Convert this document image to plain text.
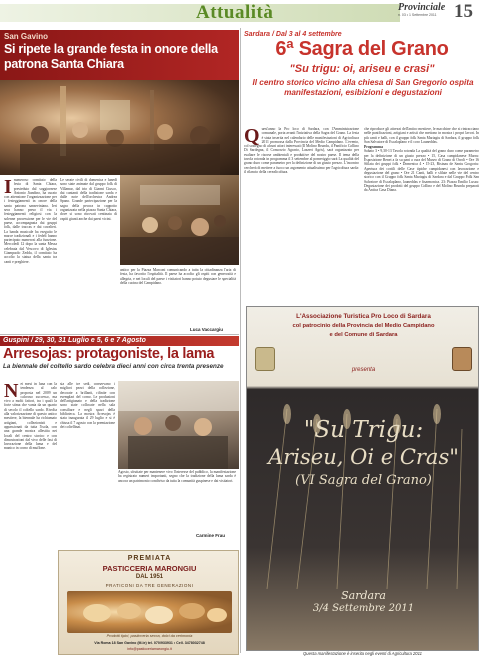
Attualità	Provinciale
n. 03 • 1 Settembre 2011 15
San Gavino
Si ripete la grande festa in onore della patrona Santa Chiara
Inumeroso comitato della festa di Santa Chiara, presieduto dal soggiornese Antonio Jiandino, ha curato con attenzione l'organizzazione per i festeggiamenti in onore della santa patrona sanseviniana. Ieri sera hanno preso il via i festeggiamenti religiosi con la solenne processione per le vie del paese, accompagnata dai gruppi folk, dalle traccas e dai cavalieri. La banda musicale ha eseguito le marce tradizionali e i fedeli hanno partecipato numerosi alla funzione. Mercoledì 12 dopo la santa Messa celebrata dal Vescovo di Iglesias Giampaolo Zedda, il comitato ha accolto la statua della santa tra canti e preghiere.
Le serate civili di domenica e lunedì sono state animate dal gruppo folk di Villamar, dal trio di Gianni Ciusco, dai cantanti della tradizione sarda e dalle note dell'orchestra Andrea Spano. Grande partecipazione per la sagra della pecora in cappotto organizzata nella piazza Santa Chiara, dove si sono ritrovati centinaia di ospiti giunti anche dai paesi vicini.
antico per la Piazza Marconi comunicando a tutta la cittadinanza l'aria di festa, ha favorito l'ospitalità. Il paese ha accolto gli ospiti con generosità e allegria, e nei locali del paese i visitatori hanno potuto degustare le specialità della cucina del Campidano.
Luca Vaccargiu
Guspini / 29, 30, 31 Luglio e 5, 6 e 7 Agosto
Arresojas: protagoniste, la lama
La biennale del coltello sardo celebra dieci anni con circa trenta presenze
Nei mesi in luna con la tendenza al calo proposta nel 2009 un caloroso successo, ma vivo a molti fattori, tra i quali la forte stima che vanta da un quarto di secolo il coltello sardo. Rivolta alla valorizzazione di questo antico mestiere, la biennale ha richiamato artigiani, collezionisti e appassionati da tutta l'isola, con una grande mostra allestita nei locali del centro storico e con dimostrazioni dal vivo delle fasi di lavorazione della lama e del manico in corno di muflone.
sia alle tre sedi, conservano i migliori pezzi della collezione, decorate a brillanti, rifinite con esemplari del corno. Le produzioni dell'artigianato e della tradizione sono state collocate nella sala consiliare e negli spazi della biblioteca. La mostra Arresojas è stata inaugurata il 29 luglio e si è chiusa il 7 agosto con la premiazione dei coltellinai.
Agosto, sfruttate per mantenere vivo l'interesse del pubblico, la manifestazione ha registrato numeri importanti, segno che la tradizione della lama sarda è ancora un patrimonio condiviso da tutta la comunità guspinese e dai visitatori.
Carmine Frau
PREMIATA
PASTICCERIA MARONGIU
DAL 1951
PRATICONI DA TRE GENERAZIONI
Prodotti tipici, pasticceria secca, dolci da cerimonia
Via Roma 18 San Gavino (M.le) tel. 070/933931 • Cell. 3478032748
info@pasticceriamarongiu.it
Sardara / Dal 3 al 4 settembre
6ª Sagra del Grano
"Su trigu: oi, ariseu e crasi"
Il centro storico vicino alla chiesa di San Gregorio ospita manifestazioni, esibizioni e degustazioni
Quest'anno la Pro loco di Sardara, con l'Amministrazione comunale, porta avanti l'iniziativa della Sagra del Grano. La festa è stata inserita nel calendario delle manifestazioni di Agricoltura 2011 promossa dalla Provincia del Medio Campidano. L'evento, col sostegno di alcuni attori interessati (Il Molino Brundu, il Panificio Collino Di Sardegna, il Consorzio Agrario, Lazzeri Agris), sarà organizzato per esaltare le risorse ambientali e produttive del nostro paese. Il tema della tavola rotonda in programma il 3 settembre al pomeriggio sarà La qualità del grano duro come parametro per la definizione di un giusto prezzo. L'incontro cercherà di mettere a fuoco un argomento attualissimo per l'agricoltura sarda: il rilancio della cerealicoltura.
che riproduce gli attrezzi dell'antico mestiere, le macchine che si rintracciano nelle panificazioni, artigiani e artisti che mettono in mostra i propri lavori. In più canti e balli, con il gruppo folk Santa Mariagiu di Sardara, il gruppo folk San Salvatore di Escalaplano e il coro Launeddas.
Programma
Sabato 3 • 9,30-13 Tavola rotonda La qualità del grano duro come parametro per la definizione di un giusto prezzo • 15, Casa campidanese Murru: Esposizione Benei a fa su pani a cura del Museo di Grano di Orroli • Ore 16 Sfilata dei gruppi folk • Domenica 4 • 15-23, Bisinau de Santu Grogoriu: Apertura dei cortili delle Case tipiche campidanesi con lavorazione e degustazione del grano • Ore 21 Canti, balli e sfilate nelle vie del centro storico con il Gruppo folk Santa Mariagiu di Sardara e dal Gruppo Folk San Salvatore di Escalaplano, launeddas e fisarmonica. 23: Piazza Emilio Lussu: Degustazione dei prodotti del gruppo Collino e del Molino Brundu preparati da Antica Casa Diana.
L'Associazione Turistica Pro Loco di Sardara
col patrocinio della Provincia del Medio Campidano
e del Comune di Sardara
presenta
"Su Trigu:
Ariseu, Oi e Cras"
(VI Sagra del Grano)
Sardara
3/4 Settembre 2011
Questa manifestazione è inserita negli eventi di Agricultura 2011
